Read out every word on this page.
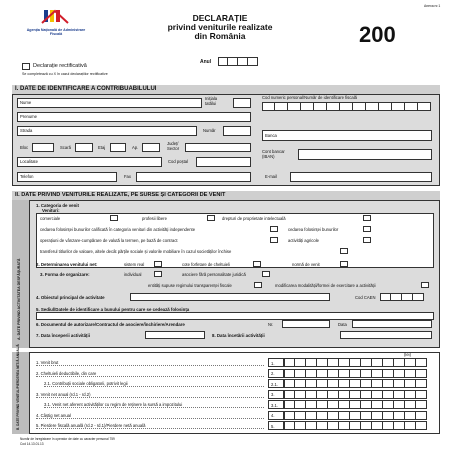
Anexa nr.1
Agenția Națională de Administrare Fiscală
DECLARAȚIE
privind veniturile realizate
din România	200
Anul
Declarație rectificativă
Se completează cu X în cazul declarațiilor rectificative
I. DATE DE IDENTIFICARE A CONTRIBUABILULUI
Nume
Inițiala tatălui
Cod numeric personal/Număr de identificare fiscală
Prenume
Strada	Număr
Banca
Bloc	Scară	Etaj	Ap.
Județ/ Sector
Cont bancar (IBAN)
Localitate	Cod poștal
Telefon	Fax	E-mail
II. DATE PRIVIND VENITURILE REALIZATE, PE SURSE ȘI CATEGORII DE VENIT
A. DATE PRIVIND ACTIVITATEA DESFĂȘURATĂ
1. Categoria de venit
Venituri:
comerciale	profesii libere	drepturi de proprietate intelectuală
cedarea folosinței bunurilor calificată în categoria venituri din activități independente	cedarea folosinței bunurilor
operațiuni de vânzare-cumpărare de valută la termen, pe bază de contract	activități agricole
transferul titlurilor de valoare, altele decât părțile sociale și valorile mobiliare în cazul societăților închise
2. Determinarea venitului net:	sistem real	cote forfetare de cheltuieli	normă de venit
3. Forma de organizare:	individual	asociere fără personalitate juridică
entități supuse regimului transparenței fiscale	modificarea modalității/formei de exercitare a activității
4. Obiectul principal de activitate	Cod CAEN
5. Sediul/Datele de identificare a bunului pentru care se cedează folosința
6. Documentul de autorizare/Contractul de asociere/închiriere/Arendare	Nr.	Data
7. Data începerii activității	8. Data încetării activității
B. DATE PRIVIND VENITUL/PIERDEREA NET/Ă ANUAL/Ă	(lei)
1. Venit brut	1.
2. Cheltuieli deductibile, din care	2.
2.1. Contribuții sociale obligatorii, potrivit legii	2.1.
3. Venit net anual (rd.1 - rd.2)	3.
3.1. Venit net aferent activităților cu regim de reținere la sursă a impozitului	3.1.
4. Câștig net anual	4.
5. Pierdere fiscală anuală (rd.2 - rd.1)/Pierdere netă anuală	5.
Număr de înregistrare în operator de date cu caracter personal 759
Cod 14.13.01.13
